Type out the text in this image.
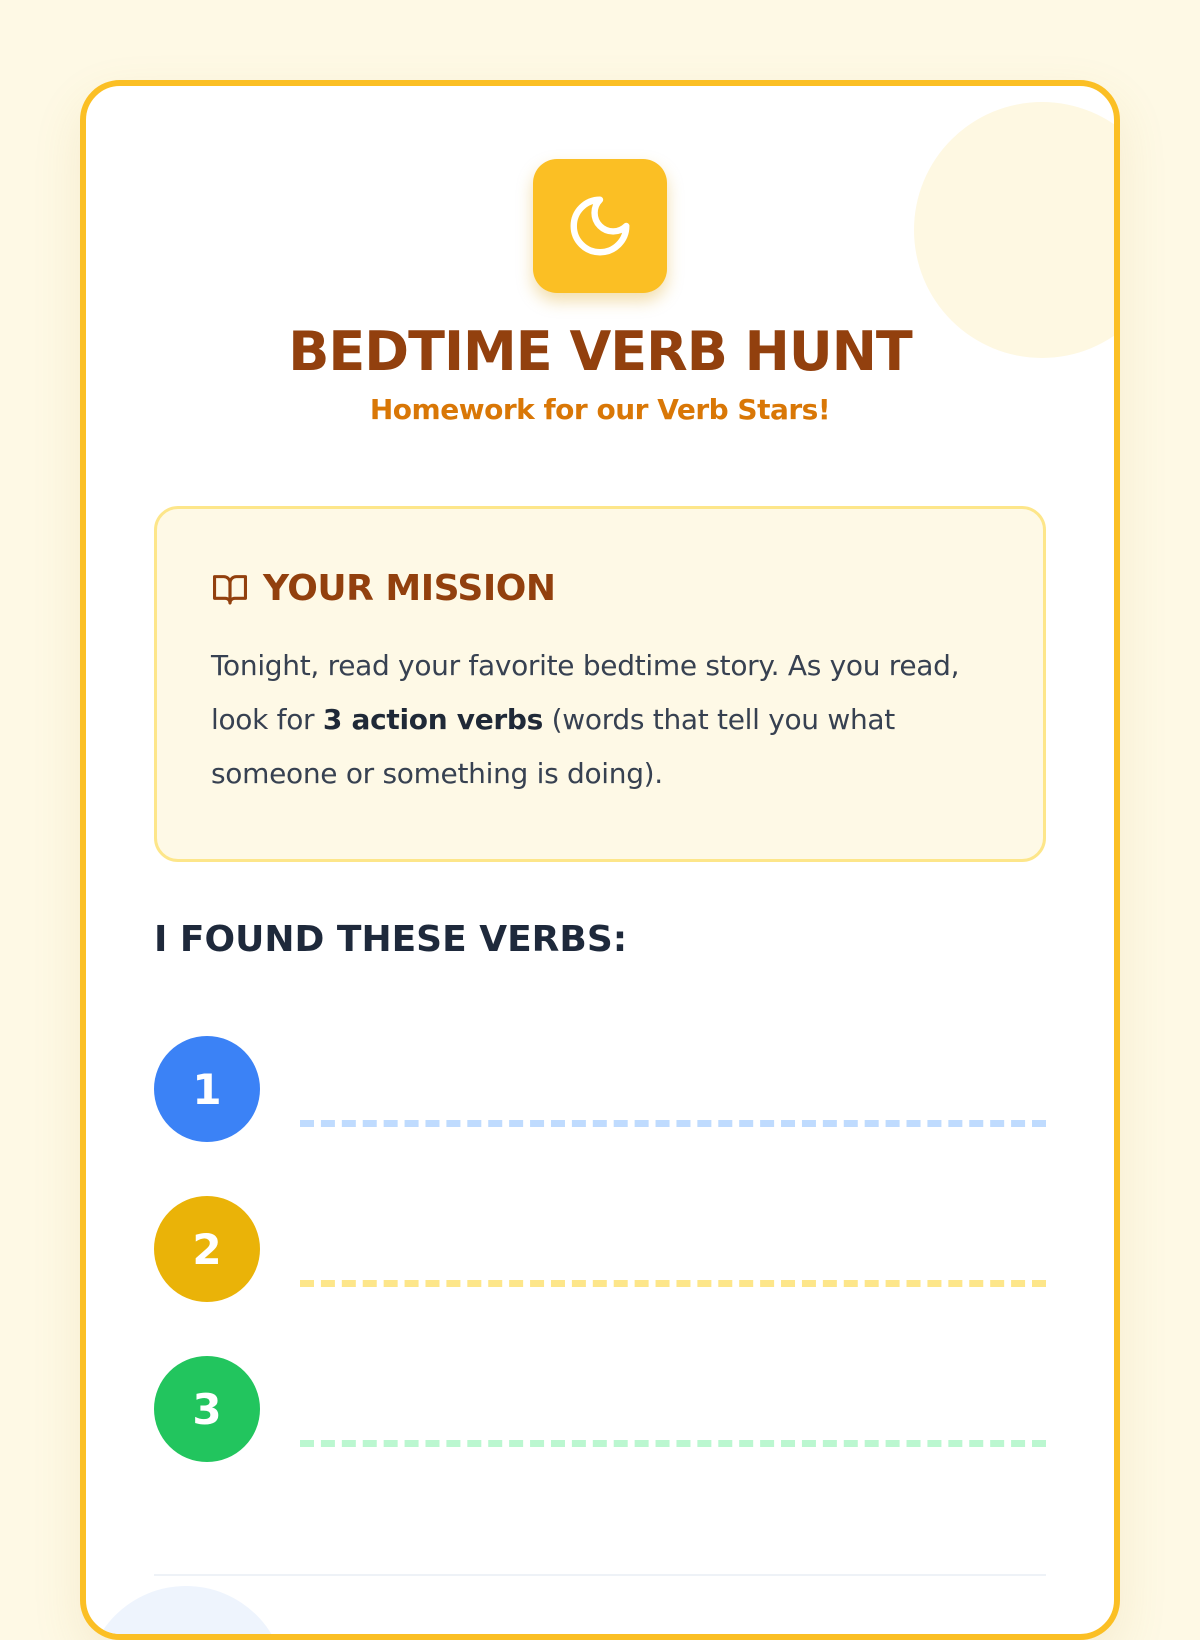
BEDTIME VERB HUNT
Homework for our Verb Stars!
YOUR MISSION
Tonight, read your favorite bedtime story. As you read, look for 3 action verbs (words that tell you what someone or something is doing).
I FOUND THESE VERBS:
1
2
3
